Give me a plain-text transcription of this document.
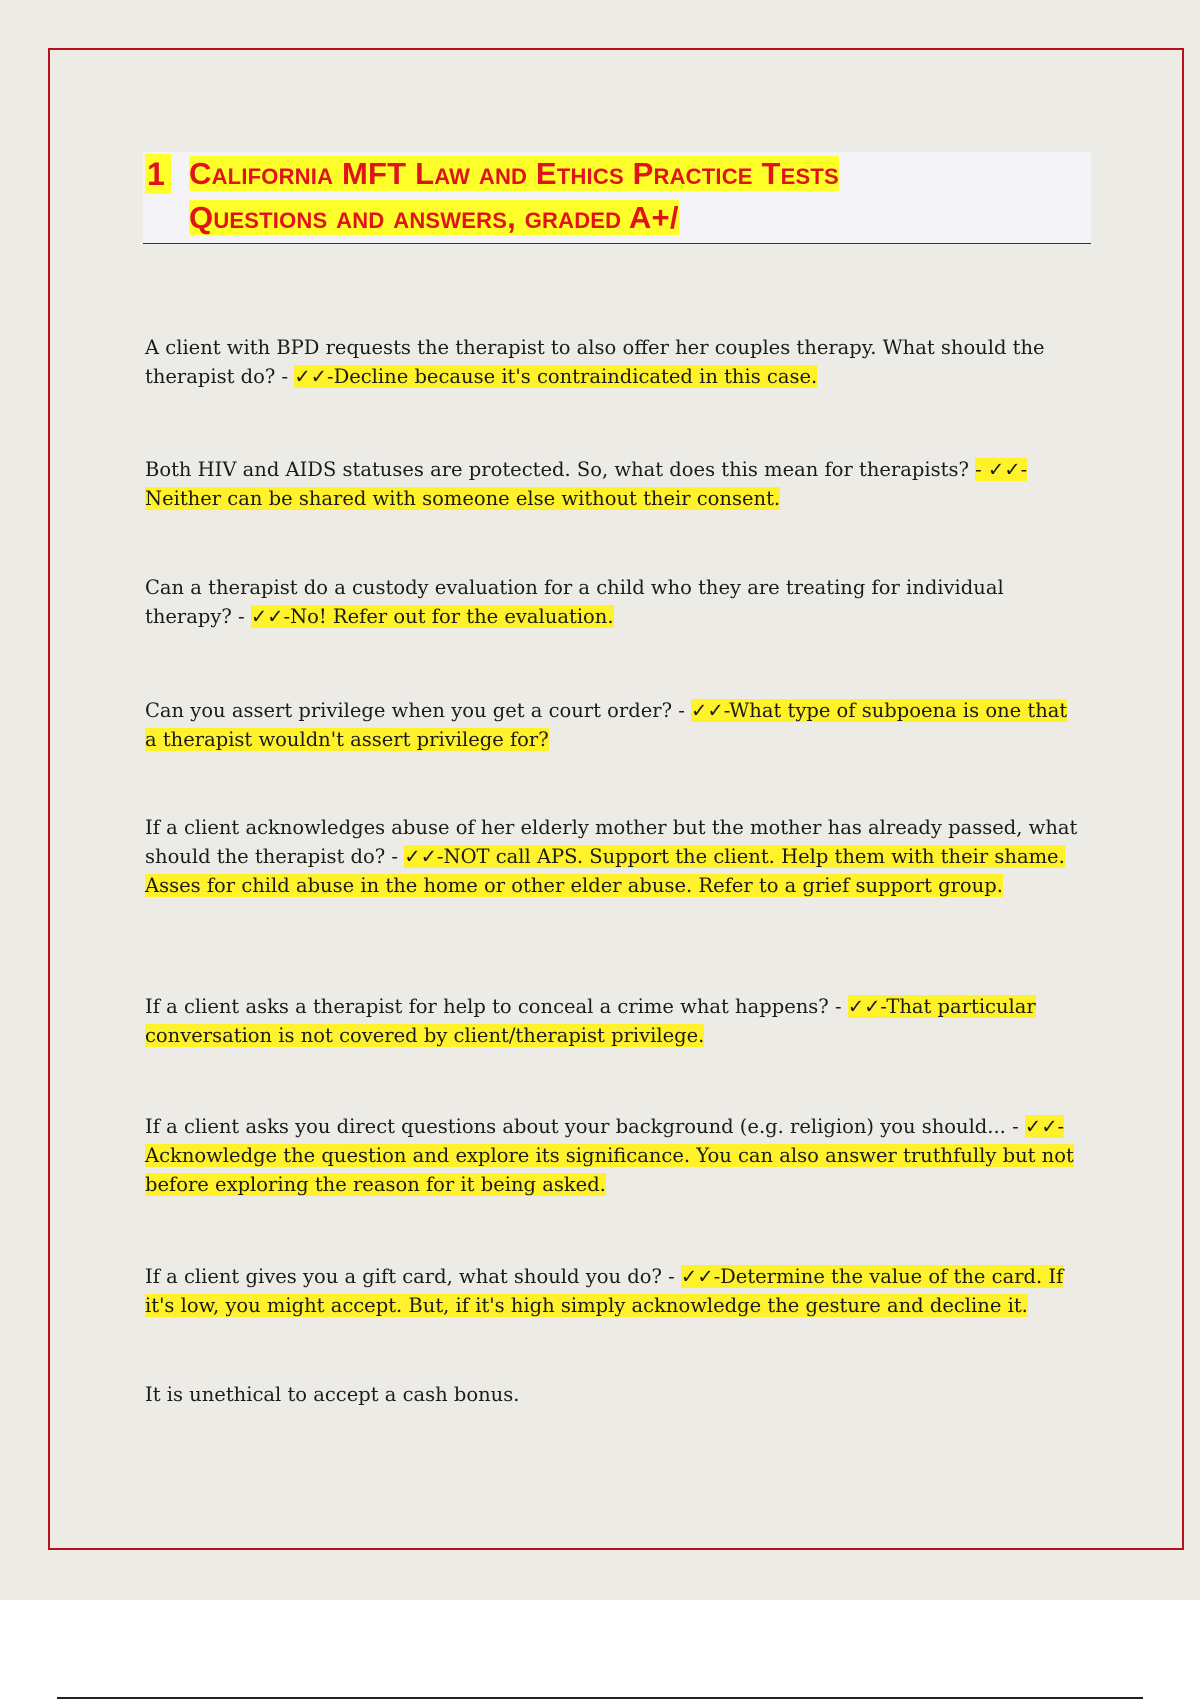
1 California MFT Law and Ethics Practice Tests
Questions and answers, graded A+/

A client with BPD requests the therapist to also offer her couples therapy. What should the therapist do? - ✓✓-Decline because it's contraindicated in this case.

Both HIV and AIDS statuses are protected. So, what does this mean for therapists? - ✓✓- Neither can be shared with someone else without their consent.

Can a therapist do a custody evaluation for a child who they are treating for individual therapy? - ✓✓-No! Refer out for the evaluation.

Can you assert privilege when you get a court order? - ✓✓-What type of subpoena is one that a therapist wouldn't assert privilege for?

If a client acknowledges abuse of her elderly mother but the mother has already passed, what should the therapist do? - ✓✓-NOT call APS. Support the client. Help them with their shame. Asses for child abuse in the home or other elder abuse. Refer to a grief support group.

If a client asks a therapist for help to conceal a crime what happens? - ✓✓-That particular conversation is not covered by client/therapist privilege.

If a client asks you direct questions about your background (e.g. religion) you should... - ✓✓-Acknowledge the question and explore its significance. You can also answer truthfully but not before exploring the reason for it being asked.

If a client gives you a gift card, what should you do? - ✓✓-Determine the value of the card. If it's low, you might accept. But, if it's high simply acknowledge the gesture and decline it.

It is unethical to accept a cash bonus.
